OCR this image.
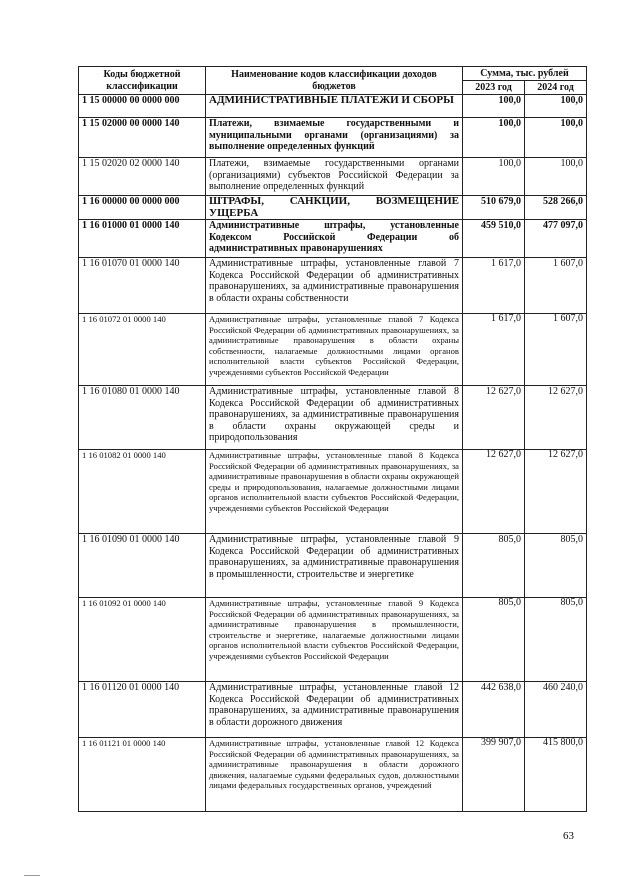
Коды бюджетной классификации	Наименование кодов классификации доходов бюджетов	Сумма, тыс. рублей	
		2023 год	2024 год
1 15 00000 00 0000 000	АДМИНИСТРАТИВНЫЕ ПЛАТЕЖИ И СБОРЫ	100,0	100,0
1 15 02000 00 0000 140	Платежи, взимаемые государственными и муниципальными органами (организациями) за выполнение определенных функций	100,0	100,0
1 15 02020 02 0000 140	Платежи, взимаемые государственными органами (организациями) субъектов Российской Федерации за выполнение определенных функций	100,0	100,0
1 16 00000 00 0000 000	ШТРАФЫ, САНКЦИИ, ВОЗМЕЩЕНИЕ УЩЕРБА	510 679,0	528 266,0
1 16 01000 01 0000 140	Административные штрафы, установленные Кодексом Российской Федерации об административных правонарушениях	459 510,0	477 097,0
1 16 01070 01 0000 140	Административные штрафы, установленные главой 7 Кодекса Российской Федерации об административных правонарушениях, за административные правонарушения в области охраны собственности	1 617,0	1 607,0
1 16 01072 01 0000 140	Административные штрафы, установленные главой 7 Кодекса Российской Федерации об административных правонарушениях, за административные правонарушения в области охраны собственности, налагаемые должностными лицами органов исполнительной власти субъектов Российской Федерации, учреждениями субъектов Российской Федерации	1 617,0	1 607,0
1 16 01080 01 0000 140	Административные штрафы, установленные главой 8 Кодекса Российской Федерации об административных правонарушениях, за административные правонарушения в области охраны окружающей среды и природопользования	12 627,0	12 627,0
1 16 01082 01 0000 140	Административные штрафы, установленные главой 8 Кодекса Российской Федерации об административных правонарушениях, за административные правонарушения в области охраны окружающей среды и природопользования, налагаемые должностными лицами органов исполнительной власти субъектов Российской Федерации, учреждениями субъектов Российской Федерации	12 627,0	12 627,0
1 16 01090 01 0000 140	Административные штрафы, установленные главой 9 Кодекса Российской Федерации об административных правонарушениях, за административные правонарушения в промышленности, строительстве и энергетике	805,0	805,0
1 16 01092 01 0000 140	Административные штрафы, установленные главой 9 Кодекса Российской Федерации об административных правонарушениях, за административные правонарушения в промышленности, строительстве и энергетике, налагаемые должностными лицами органов исполнительной власти субъектов Российской Федерации, учреждениями субъектов Российской Федерации	805,0	805,0
1 16 01120 01 0000 140	Административные штрафы, установленные главой 12 Кодекса Российской Федерации об административных правонарушениях, за административные правонарушения в области дорожного движения	442 638,0	460 240,0
1 16 01121 01 0000 140	Административные штрафы, установленные главой 12 Кодекса Российской Федерации об административных правонарушениях, за административные правонарушения в области дорожного движения, налагаемые судьями федеральных судов, должностными лицами федеральных государственных органов, учреждений	399 907,0	415 800,0
63
